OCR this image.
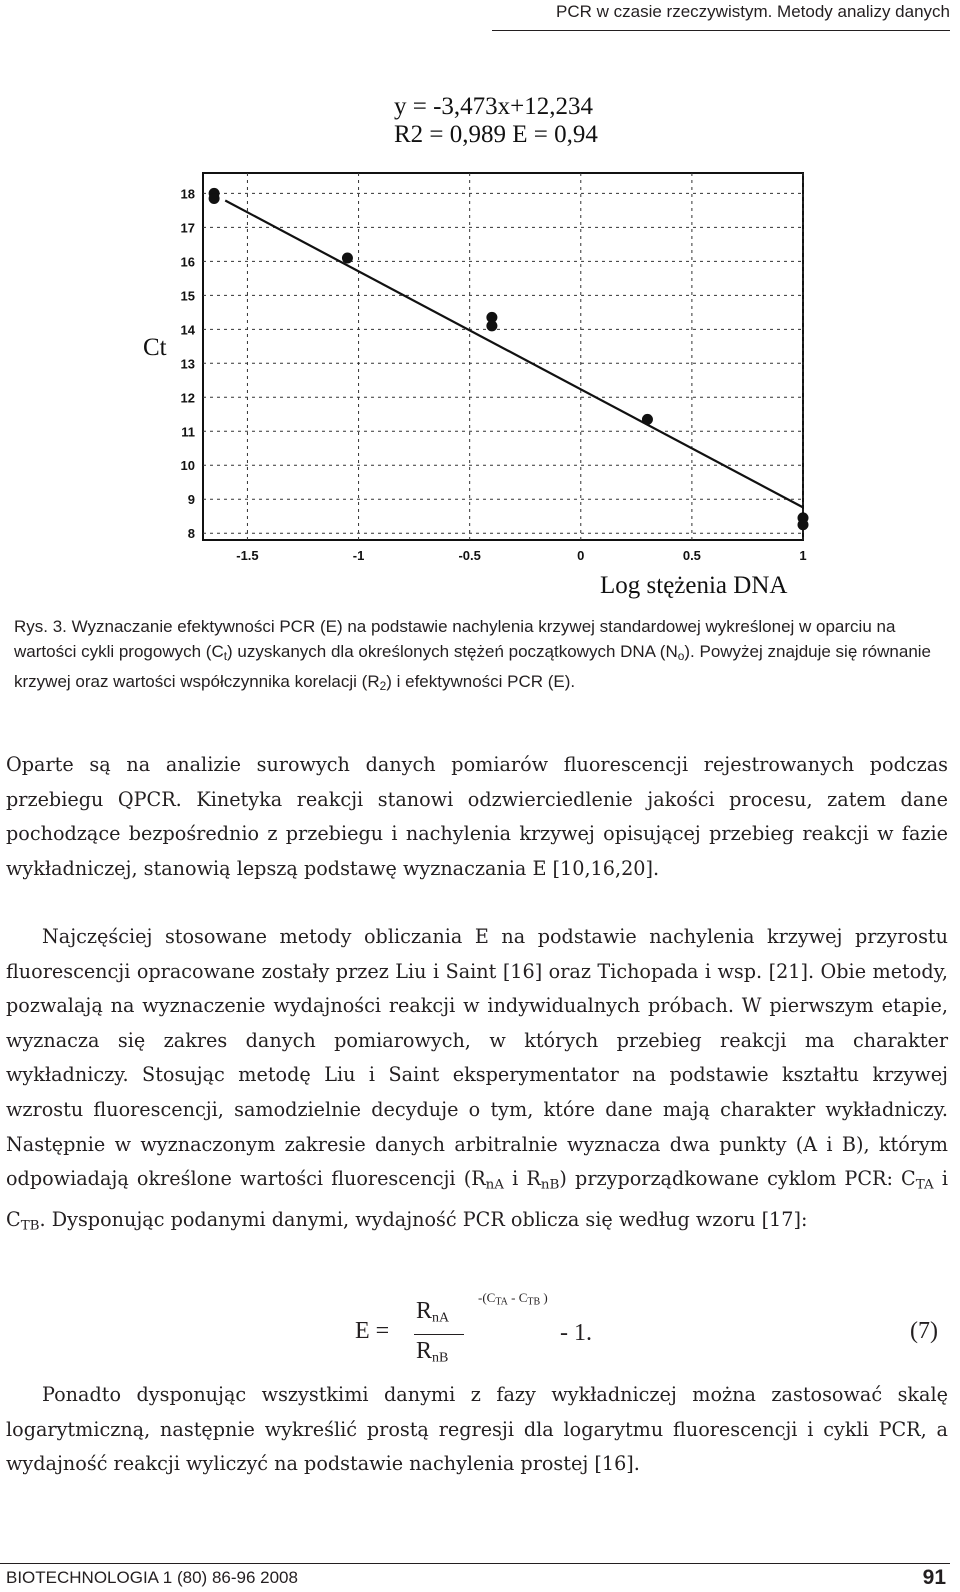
PCR w czasie rzeczywistym. Metody analizy danych
y = -3,473x+12,234
R2 = 0,989 E = 0,94
8
9
10
11
12
13
14
15
16
17
18
-1.5	-1	-0.5	0	0.5	1
Ct
Log stężenia DNA

Rys. 3. Wyznaczanie efektywności PCR (E) na podstawie nachylenia krzywej standardowej wykreślonej w oparciu na wartości cykli progowych $(C_t)$ uzyskanych dla określonych stężeń początkowych DNA $(N_o)$. Powyżej znajduje się równanie krzywej oraz wartości współczynnika korelacji $(R_2)$ i efektywności PCR (E).

Oparte są na analizie surowych danych pomiarów fluorescencji rejestrowanych podczas przebiegu QPCR. Kinetyka reakcji stanowi odzwierciedlenie jakości procesu, zatem dane pochodzące bezpośrednio z przebiegu i nachylenia krzywej opisującej przebieg reakcji w fazie wykładniczej, stanowią lepszą podstawę wyznaczania E [10,16,20].

Najczęściej stosowane metody obliczania E na podstawie nachylenia krzywej przyrostu fluorescencji opracowane zostały przez Liu i Saint [16] oraz Tichopada i wsp. [21]. Obie metody, pozwalają na wyznaczenie wydajności reakcji w indywidualnych próbach. W pierwszym etapie, wyznacza się zakres danych pomiarowych, w których przebieg reakcji ma charakter wykładniczy. Stosując metodę Liu i Saint eksperymentator na podstawie kształtu krzywej wzrostu fluorescencji, samodzielnie decyduje o tym, które dane mają charakter wykładniczy. Następnie w wyznaczonym zakresie danych arbitralnie wyznacza dwa punkty (A i B), którym odpowiadają określone wartości fluorescencji ($R_{nA}$ i $R_{nB}$) przyporządkowane cyklom PCR: $C_{TA}$ i $C_{TB}$. Dysponując podanymi danymi, wydajność PCR oblicza się według wzoru [17]:

E =
$R_{nA}$
$R_{nB}$
$-(C_{TA} - C_{TB}$ )
- 1.	(7)

Ponadto dysponując wszystkimi danymi z fazy wykładniczej można zastosować skalę logarytmiczną, następnie wykreślić prostą regresji dla logarytmu fluorescencji i cykli PCR, a wydajność reakcji wyliczyć na podstawie nachylenia prostej [16].

BIOTECHNOLOGIA 1 (80) 86-96 2008	91
